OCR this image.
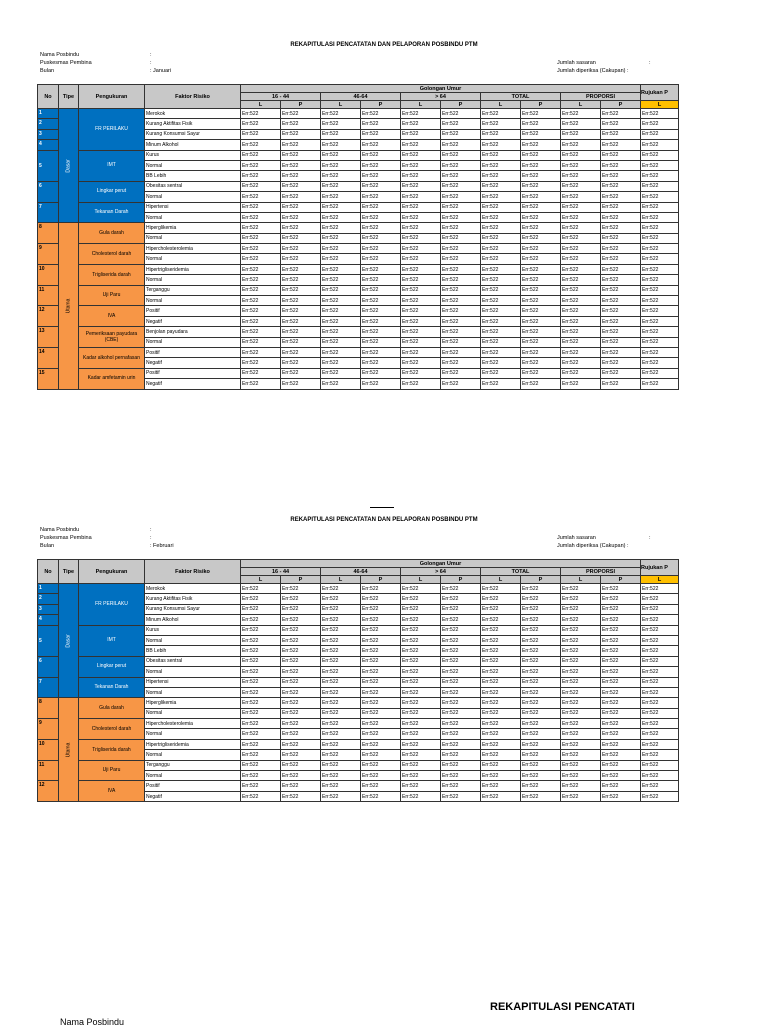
REKAPITULASI PENCATATAN DAN PELAPORAN POSBINDU PTM
Nama Posbindu	:
Puskesmas Pembina	:
Bulan	: Januari
Jumlah sasaran	:
Jumlah diperiksa (Cakupan) :
No	Tipe	Pengukuran	Faktor Risiko	Golongan Umur										Rujukan P
				16 - 44		46-64		> 64		TOTAL		PROPORSI		
				L	P	L	P	L	P	L	P	L	P	L
1	Dasar	FR PERILAKU	Merokok	Err:522	Err:522	Err:522	Err:522	Err:522	Err:522	Err:522	Err:522	Err:522	Err:522	Err:522
2			Kurang Aktifitas Fisik	Err:522	Err:522	Err:522	Err:522	Err:522	Err:522	Err:522	Err:522	Err:522	Err:522	Err:522
3			Kurang Konsumsi Sayur	Err:522	Err:522	Err:522	Err:522	Err:522	Err:522	Err:522	Err:522	Err:522	Err:522	Err:522
4			Minum Alkohol	Err:522	Err:522	Err:522	Err:522	Err:522	Err:522	Err:522	Err:522	Err:522	Err:522	Err:522
5		IMT	Kurus	Err:522	Err:522	Err:522	Err:522	Err:522	Err:522	Err:522	Err:522	Err:522	Err:522	Err:522
			Normal	Err:522	Err:522	Err:522	Err:522	Err:522	Err:522	Err:522	Err:522	Err:522	Err:522	Err:522
			BB Lebih	Err:522	Err:522	Err:522	Err:522	Err:522	Err:522	Err:522	Err:522	Err:522	Err:522	Err:522
6		Lingkar perut	Obesitas sentral	Err:522	Err:522	Err:522	Err:522	Err:522	Err:522	Err:522	Err:522	Err:522	Err:522	Err:522
			Normal	Err:522	Err:522	Err:522	Err:522	Err:522	Err:522	Err:522	Err:522	Err:522	Err:522	Err:522
7		Tekanan Darah	Hipertensi	Err:522	Err:522	Err:522	Err:522	Err:522	Err:522	Err:522	Err:522	Err:522	Err:522	Err:522
			Normal	Err:522	Err:522	Err:522	Err:522	Err:522	Err:522	Err:522	Err:522	Err:522	Err:522	Err:522
8	Utama	Gula darah	Hiperglikemia	Err:522	Err:522	Err:522	Err:522	Err:522	Err:522	Err:522	Err:522	Err:522	Err:522	Err:522
			Normal	Err:522	Err:522	Err:522	Err:522	Err:522	Err:522	Err:522	Err:522	Err:522	Err:522	Err:522
9		Cholesterol darah	Hipercholesterolemia	Err:522	Err:522	Err:522	Err:522	Err:522	Err:522	Err:522	Err:522	Err:522	Err:522	Err:522
			Normal	Err:522	Err:522	Err:522	Err:522	Err:522	Err:522	Err:522	Err:522	Err:522	Err:522	Err:522
10		Trigliserida darah	Hipertrigliseridemia	Err:522	Err:522	Err:522	Err:522	Err:522	Err:522	Err:522	Err:522	Err:522	Err:522	Err:522
			Normal	Err:522	Err:522	Err:522	Err:522	Err:522	Err:522	Err:522	Err:522	Err:522	Err:522	Err:522
11		Uji Paru	Terganggu	Err:522	Err:522	Err:522	Err:522	Err:522	Err:522	Err:522	Err:522	Err:522	Err:522	Err:522
			Normal	Err:522	Err:522	Err:522	Err:522	Err:522	Err:522	Err:522	Err:522	Err:522	Err:522	Err:522
12		IVA	Positif	Err:522	Err:522	Err:522	Err:522	Err:522	Err:522	Err:522	Err:522	Err:522	Err:522	Err:522
			Negatif	Err:522	Err:522	Err:522	Err:522	Err:522	Err:522	Err:522	Err:522	Err:522	Err:522	Err:522
13		Pemeriksaan payudara (CBE)	Benjolan payudara	Err:522	Err:522	Err:522	Err:522	Err:522	Err:522	Err:522	Err:522	Err:522	Err:522	Err:522
			Normal	Err:522	Err:522	Err:522	Err:522	Err:522	Err:522	Err:522	Err:522	Err:522	Err:522	Err:522
14		Kadar alkohol pernafasan	Positif	Err:522	Err:522	Err:522	Err:522	Err:522	Err:522	Err:522	Err:522	Err:522	Err:522	Err:522
			Negatif	Err:522	Err:522	Err:522	Err:522	Err:522	Err:522	Err:522	Err:522	Err:522	Err:522	Err:522
15		Kadar amfetamin urin	Positif	Err:522	Err:522	Err:522	Err:522	Err:522	Err:522	Err:522	Err:522	Err:522	Err:522	Err:522
			Negatif	Err:522	Err:522	Err:522	Err:522	Err:522	Err:522	Err:522	Err:522	Err:522	Err:522	Err:522
REKAPITULASI PENCATATAN DAN PELAPORAN POSBINDU PTM
Nama Posbindu	:
Puskesmas Pembina	:
Bulan	: Februari
Jumlah sasaran	:
Jumlah diperiksa (Cakupan) :
No	Tipe	Pengukuran	Faktor Risiko	Golongan Umur										Rujukan P
				16 - 44		46-64		> 64		TOTAL		PROPORSI		
				L	P	L	P	L	P	L	P	L	P	L
1	Dasar	FR PERILAKU	Merokok	Err:522	Err:522	Err:522	Err:522	Err:522	Err:522	Err:522	Err:522	Err:522	Err:522	Err:522
2			Kurang Aktifitas Fisik	Err:522	Err:522	Err:522	Err:522	Err:522	Err:522	Err:522	Err:522	Err:522	Err:522	Err:522
3			Kurang Konsumsi Sayur	Err:522	Err:522	Err:522	Err:522	Err:522	Err:522	Err:522	Err:522	Err:522	Err:522	Err:522
4			Minum Alkohol	Err:522	Err:522	Err:522	Err:522	Err:522	Err:522	Err:522	Err:522	Err:522	Err:522	Err:522
5		IMT	Kurus	Err:522	Err:522	Err:522	Err:522	Err:522	Err:522	Err:522	Err:522	Err:522	Err:522	Err:522
			Normal	Err:522	Err:522	Err:522	Err:522	Err:522	Err:522	Err:522	Err:522	Err:522	Err:522	Err:522
			BB Lebih	Err:522	Err:522	Err:522	Err:522	Err:522	Err:522	Err:522	Err:522	Err:522	Err:522	Err:522
6		Lingkar perut	Obesitas sentral	Err:522	Err:522	Err:522	Err:522	Err:522	Err:522	Err:522	Err:522	Err:522	Err:522	Err:522
			Normal	Err:522	Err:522	Err:522	Err:522	Err:522	Err:522	Err:522	Err:522	Err:522	Err:522	Err:522
7		Tekanan Darah	Hipertensi	Err:522	Err:522	Err:522	Err:522	Err:522	Err:522	Err:522	Err:522	Err:522	Err:522	Err:522
			Normal	Err:522	Err:522	Err:522	Err:522	Err:522	Err:522	Err:522	Err:522	Err:522	Err:522	Err:522
8	Utama	Gula darah	Hiperglikemia	Err:522	Err:522	Err:522	Err:522	Err:522	Err:522	Err:522	Err:522	Err:522	Err:522	Err:522
			Normal	Err:522	Err:522	Err:522	Err:522	Err:522	Err:522	Err:522	Err:522	Err:522	Err:522	Err:522
9		Cholesterol darah	Hipercholesterolemia	Err:522	Err:522	Err:522	Err:522	Err:522	Err:522	Err:522	Err:522	Err:522	Err:522	Err:522
			Normal	Err:522	Err:522	Err:522	Err:522	Err:522	Err:522	Err:522	Err:522	Err:522	Err:522	Err:522
10		Trigliserida darah	Hipertrigliseridemia	Err:522	Err:522	Err:522	Err:522	Err:522	Err:522	Err:522	Err:522	Err:522	Err:522	Err:522
			Normal	Err:522	Err:522	Err:522	Err:522	Err:522	Err:522	Err:522	Err:522	Err:522	Err:522	Err:522
11		Uji Paru	Terganggu	Err:522	Err:522	Err:522	Err:522	Err:522	Err:522	Err:522	Err:522	Err:522	Err:522	Err:522
			Normal	Err:522	Err:522	Err:522	Err:522	Err:522	Err:522	Err:522	Err:522	Err:522	Err:522	Err:522
12		IVA	Positif	Err:522	Err:522	Err:522	Err:522	Err:522	Err:522	Err:522	Err:522	Err:522	Err:522	Err:522
			Negatif	Err:522	Err:522	Err:522	Err:522	Err:522	Err:522	Err:522	Err:522	Err:522	Err:522	Err:522
REKAPITULASI PENCATATI
Nama Posbindu
